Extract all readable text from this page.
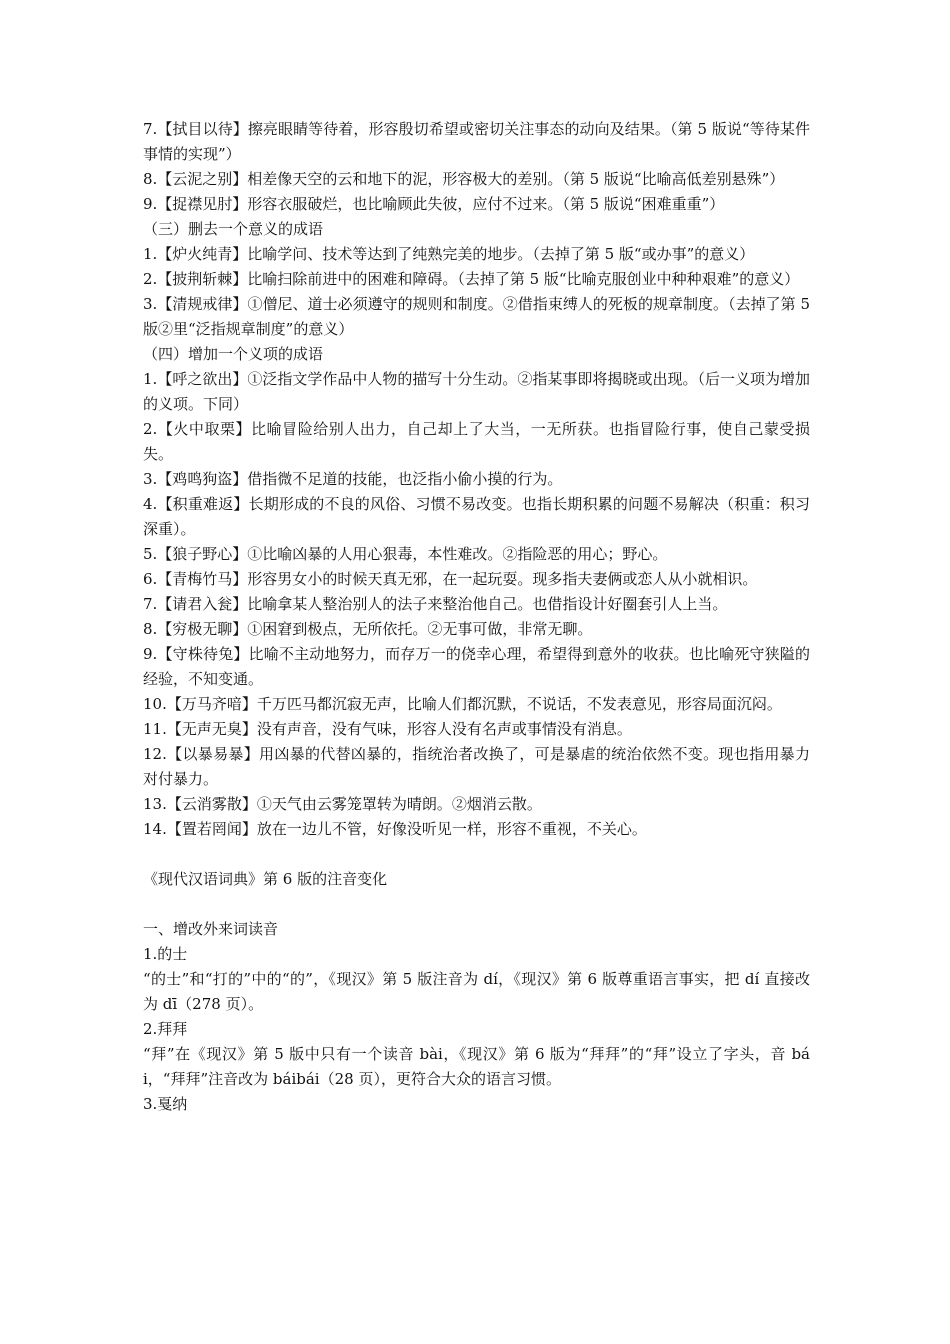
7.【拭目以待】擦亮眼睛等待着，形容殷切希望或密切关注事态的动向及结果。（第 5 版说“等待某件事情的实现”）

8.【云泥之别】相差像天空的云和地下的泥，形容极大的差别。（第 5 版说“比喻高低差别悬殊”）

9.【捉襟见肘】形容衣服破烂，也比喻顾此失彼，应付不过来。（第 5 版说“困难重重”）

（三）删去一个意义的成语

1.【炉火纯青】比喻学问、技术等达到了纯熟完美的地步。（去掉了第 5 版“或办事”的意义）

2.【披荆斩棘】比喻扫除前进中的困难和障碍。（去掉了第 5 版“比喻克服创业中种种艰难”的意义）

3.【清规戒律】①僧尼、道士必须遵守的规则和制度。②借指束缚人的死板的规章制度。（去掉了第 5 版②里“泛指规章制度”的意义）

（四）增加一个义项的成语

1.【呼之欲出】①泛指文学作品中人物的描写十分生动。②指某事即将揭晓或出现。（后一义项为增加的义项。下同）

2.【火中取栗】比喻冒险给别人出力，自己却上了大当，一无所获。也指冒险行事，使自己蒙受损失。

3.【鸡鸣狗盗】借指微不足道的技能，也泛指小偷小摸的行为。

4.【积重难返】长期形成的不良的风俗、习惯不易改变。也指长期积累的问题不易解决（积重：积习深重）。

5.【狼子野心】①比喻凶暴的人用心狠毒，本性难改。②指险恶的用心；野心。

6.【青梅竹马】形容男女小的时候天真无邪，在一起玩耍。现多指夫妻俩或恋人从小就相识。

7.【请君入瓮】比喻拿某人整治别人的法子来整治他自己。也借指设计好圈套引人上当。

8.【穷极无聊】①困窘到极点，无所依托。②无事可做，非常无聊。

9.【守株待兔】比喻不主动地努力，而存万一的侥幸心理，希望得到意外的收获。也比喻死守狭隘的经验，不知变通。

10.【万马齐喑】千万匹马都沉寂无声，比喻人们都沉默，不说话，不发表意见，形容局面沉闷。

11.【无声无臭】没有声音，没有气味，形容人没有名声或事情没有消息。

12.【以暴易暴】用凶暴的代替凶暴的，指统治者改换了，可是暴虐的统治依然不变。现也指用暴力对付暴力。

13.【云消雾散】①天气由云雾笼罩转为晴朗。②烟消云散。

14.【置若罔闻】放在一边儿不管，好像没听见一样，形容不重视，不关心。

《现代汉语词典》第 6 版的注音变化

一、增改外来词读音

1.的士

“的士”和“打的”中的“的”，《现汉》第 5 版注音为 dí，《现汉》第 6 版尊重语言事实，把 dí 直接改为 dī（278 页）。

2.拜拜

“拜”在《现汉》第 5 版中只有一个读音 bài，《现汉》第 6 版为“拜拜”的“拜”设立了字头，音 bái，“拜拜”注音改为 báibái（28 页），更符合大众的语言习惯。

3.戛纳
